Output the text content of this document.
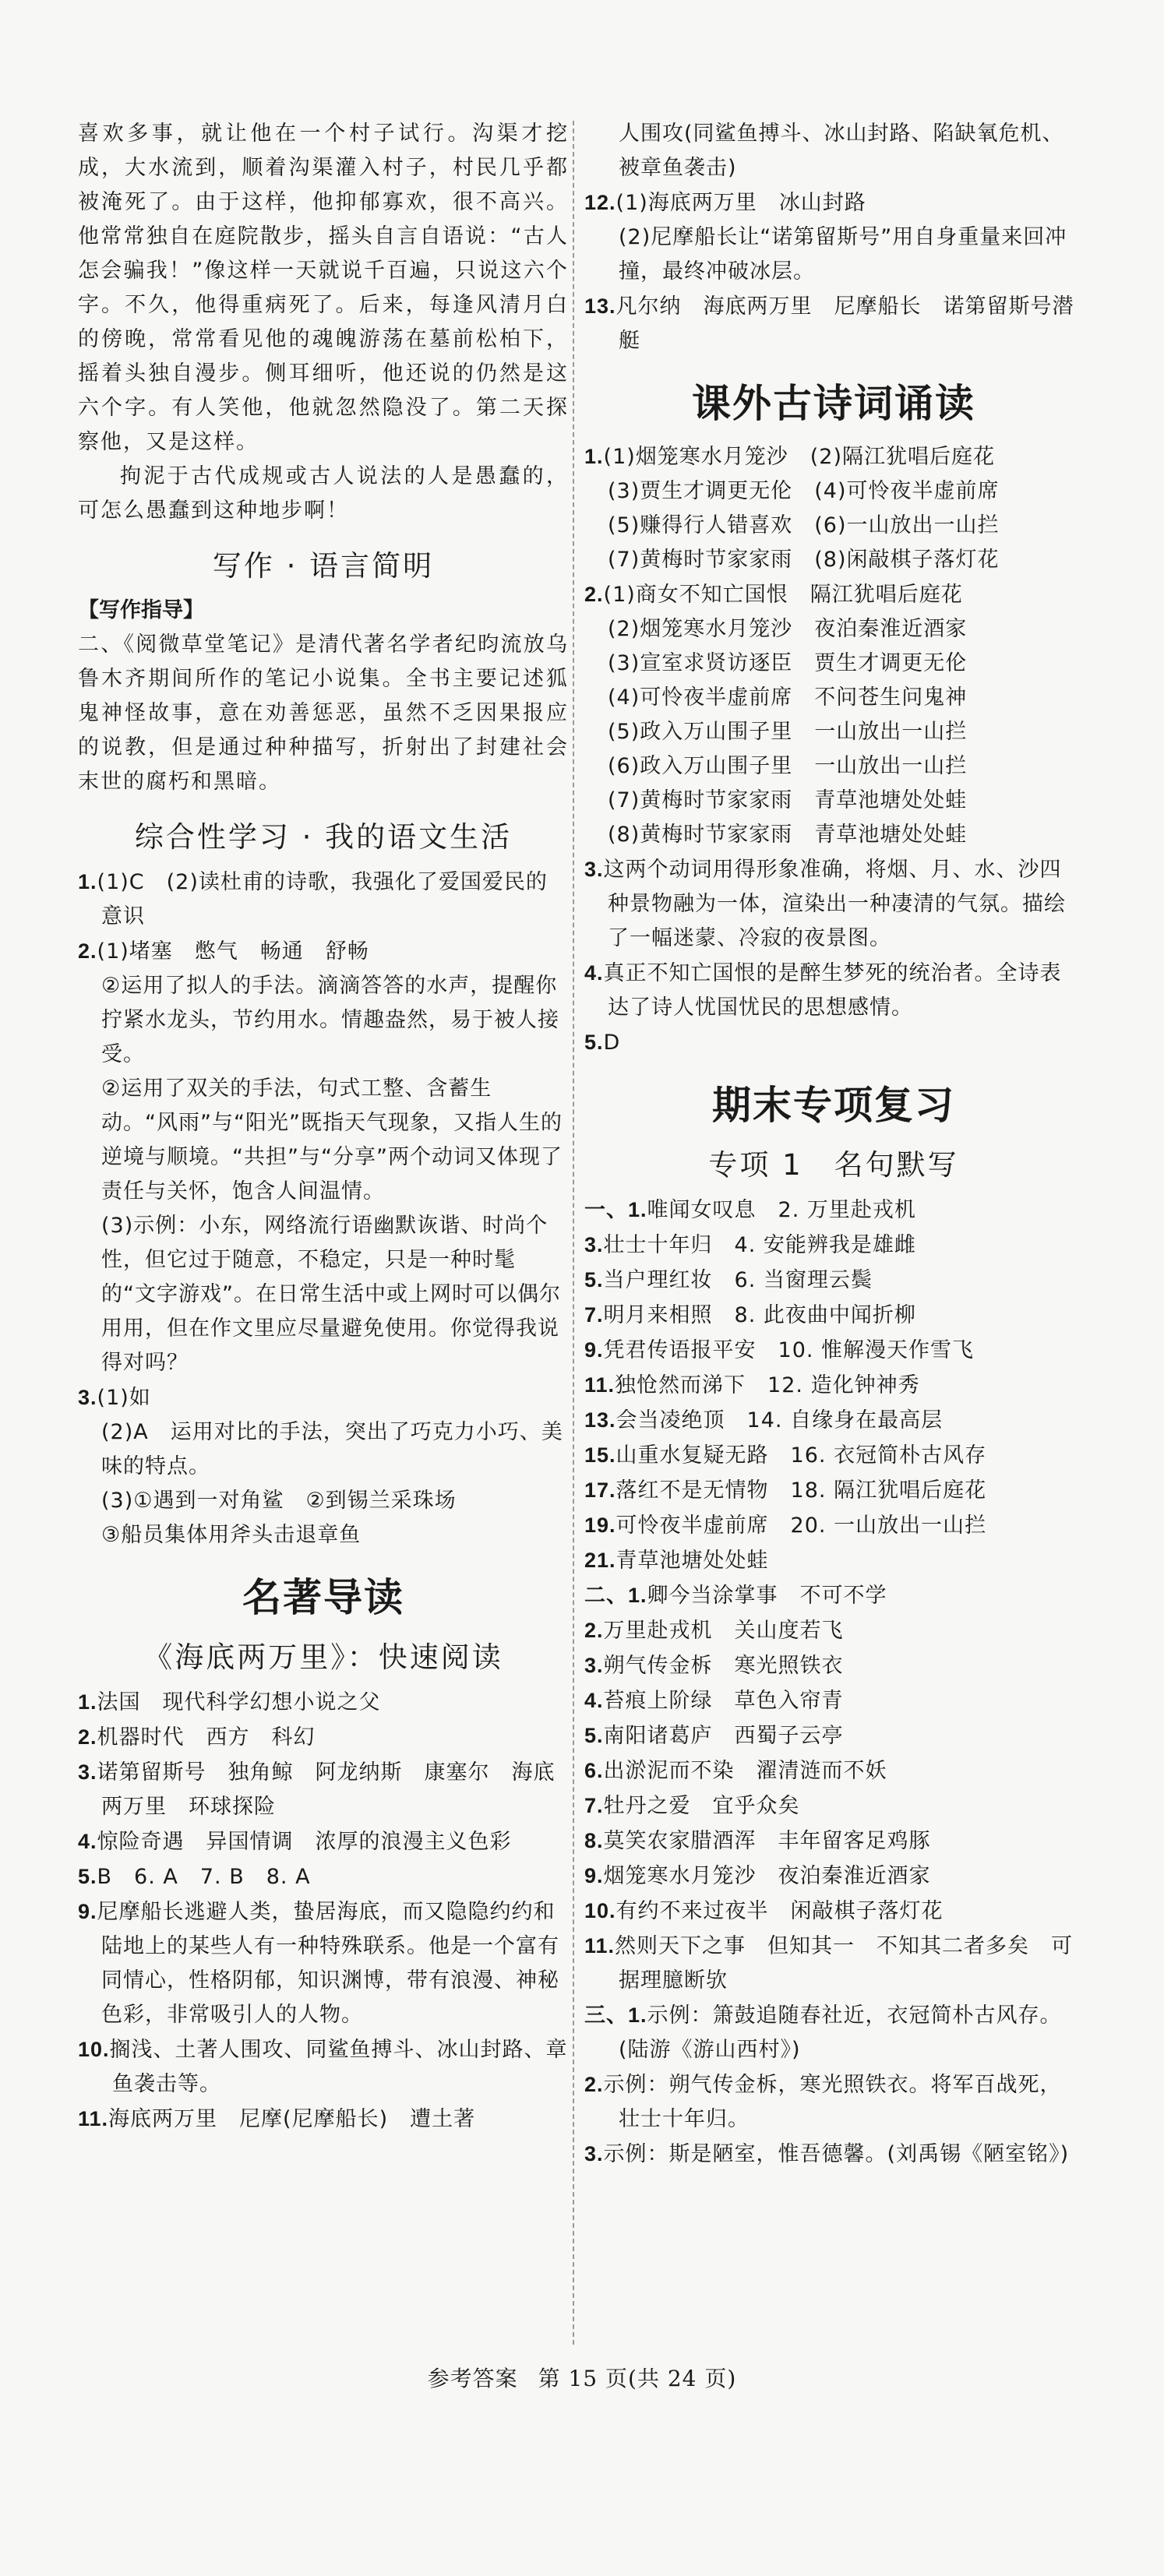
喜欢多事，就让他在一个村子试行。沟渠才挖成，大水流到，顺着沟渠灌入村子，村民几乎都被淹死了。由于这样，他抑郁寡欢，很不高兴。他常常独自在庭院散步，摇头自言自语说：“古人怎会骗我！”像这样一天就说千百遍，只说这六个字。不久，他得重病死了。后来，每逢风清月白的傍晚，常常看见他的魂魄游荡在墓前松柏下，摇着头独自漫步。侧耳细听，他还说的仍然是这六个字。有人笑他，他就忽然隐没了。第二天探察他，又是这样。

拘泥于古代成规或古人说法的人是愚蠢的，可怎么愚蠢到这种地步啊！

写作 · 语言简明

【写作指导】

二、《阅微草堂笔记》是清代著名学者纪昀流放乌鲁木齐期间所作的笔记小说集。全书主要记述狐鬼神怪故事，意在劝善惩恶，虽然不乏因果报应的说教，但是通过种种描写，折射出了封建社会末世的腐朽和黑暗。

综合性学习 · 我的语文生活

1.(1)C　(2)读杜甫的诗歌，我强化了爱国爱民的意识

2.(1)堵塞　憋气　畅通　舒畅

②运用了拟人的手法。滴滴答答的水声，提醒你拧紧水龙头，节约用水。情趣盎然，易于被人接受。

②运用了双关的手法，句式工整、含蓄生动。“风雨”与“阳光”既指天气现象，又指人生的逆境与顺境。“共担”与“分享”两个动词又体现了责任与关怀，饱含人间温情。

(3)示例：小东，网络流行语幽默诙谐、时尚个性，但它过于随意，不稳定，只是一种时髦的“文字游戏”。在日常生活中或上网时可以偶尔用用，但在作文里应尽量避免使用。你觉得我说得对吗？

3.(1)如

(2)A　运用对比的手法，突出了巧克力小巧、美味的特点。

(3)①遇到一对角鲨　②到锡兰采珠场

③船员集体用斧头击退章鱼

名著导读
《海底两万里》：快速阅读

1.法国　现代科学幻想小说之父

2.机器时代　西方　科幻

3.诺第留斯号　独角鲸　阿龙纳斯　康塞尔　海底　两万里　环球探险

4.惊险奇遇　异国情调　浓厚的浪漫主义色彩

5.B　6. A　7. B　8. A

9.尼摩船长逃避人类，蛰居海底，而又隐隐约约和陆地上的某些人有一种特殊联系。他是一个富有同情心，性格阴郁，知识渊博，带有浪漫、神秘色彩，非常吸引人的人物。

10.搁浅、土著人围攻、同鲨鱼搏斗、冰山封路、章鱼袭击等。

11.海底两万里　尼摩(尼摩船长)　遭土著

人围攻(同鲨鱼搏斗、冰山封路、陷缺氧危机、被章鱼袭击)

12.(1)海底两万里　冰山封路

(2)尼摩船长让“诺第留斯号”用自身重量来回冲撞，最终冲破冰层。

13.凡尔纳　海底两万里　尼摩船长　诺第留斯号潜艇

课外古诗词诵读

1.(1)烟笼寒水月笼沙　(2)隔江犹唱后庭花

(3)贾生才调更无伦　(4)可怜夜半虚前席

(5)赚得行人错喜欢　(6)一山放出一山拦

(7)黄梅时节家家雨　(8)闲敲棋子落灯花

2.(1)商女不知亡国恨　隔江犹唱后庭花

(2)烟笼寒水月笼沙　夜泊秦淮近酒家

(3)宣室求贤访逐臣　贾生才调更无伦

(4)可怜夜半虚前席　不问苍生问鬼神

(5)政入万山围子里　一山放出一山拦

(6)政入万山围子里　一山放出一山拦

(7)黄梅时节家家雨　青草池塘处处蛙

(8)黄梅时节家家雨　青草池塘处处蛙

3.这两个动词用得形象准确，将烟、月、水、沙四种景物融为一体，渲染出一种凄清的气氛。描绘了一幅迷蒙、冷寂的夜景图。

4.真正不知亡国恨的是醉生梦死的统治者。全诗表达了诗人忧国忧民的思想感情。

5.D

期末专项复习
专项 1　名句默写

一、1.唯闻女叹息　2. 万里赴戎机

3.壮士十年归　4. 安能辨我是雄雌

5.当户理红妆　6. 当窗理云鬓

7.明月来相照　8. 此夜曲中闻折柳

9.凭君传语报平安　10. 惟解漫天作雪飞

11.独怆然而涕下　12. 造化钟神秀

13.会当凌绝顶　14. 自缘身在最高层

15.山重水复疑无路　16. 衣冠简朴古风存

17.落红不是无情物　18. 隔江犹唱后庭花

19.可怜夜半虚前席　20. 一山放出一山拦

21.青草池塘处处蛙

二、1.卿今当涂掌事　不可不学

2.万里赴戎机　关山度若飞

3.朔气传金柝　寒光照铁衣

4.苔痕上阶绿　草色入帘青

5.南阳诸葛庐　西蜀子云亭

6.出淤泥而不染　濯清涟而不妖

7.牡丹之爱　宜乎众矣

8.莫笑农家腊酒浑　丰年留客足鸡豚

9.烟笼寒水月笼沙　夜泊秦淮近酒家

10.有约不来过夜半　闲敲棋子落灯花

11.然则天下之事　但知其一　不知其二者多矣　可据理臆断欤

三、1.示例：箫鼓追随春社近，衣冠简朴古风存。(陆游《游山西村》)

2.示例：朔气传金柝，寒光照铁衣。将军百战死，壮士十年归。

3.示例：斯是陋室，惟吾德馨。(刘禹锡《陋室铭》)

参考答案 第 15 页(共 24 页)
